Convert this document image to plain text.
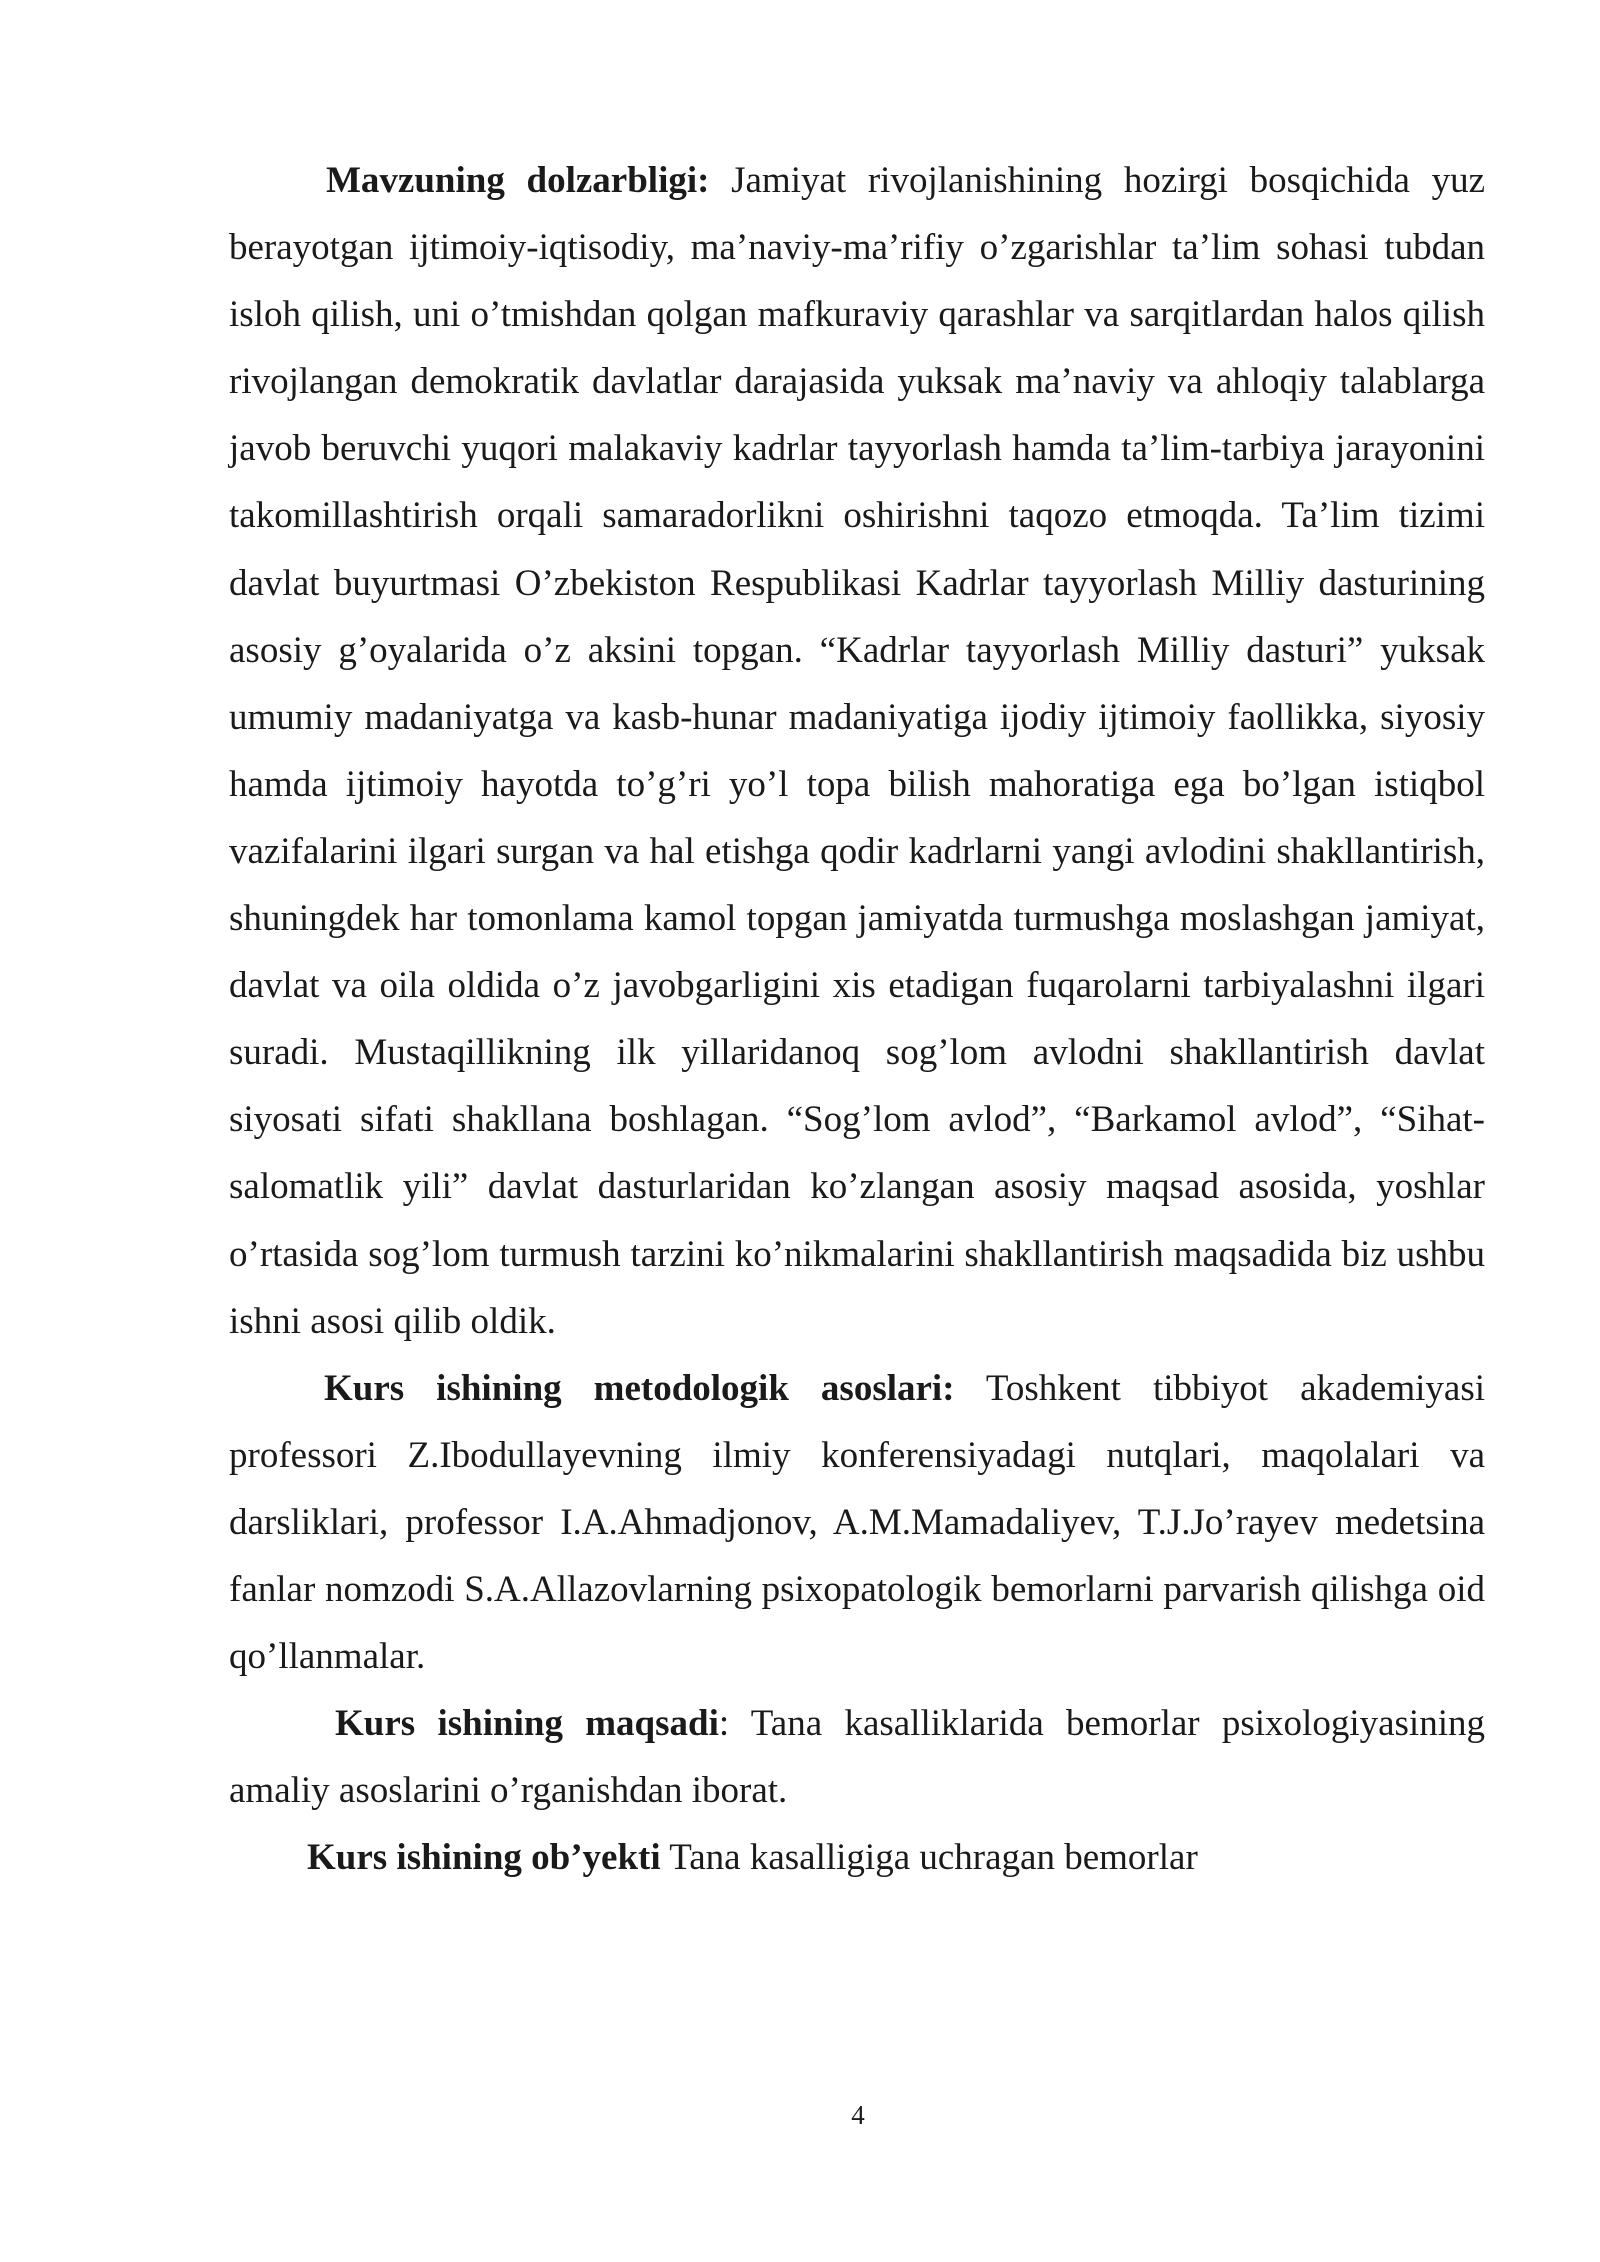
Mavzuning dolzarbligi: Jamiyat rivojlanishining hozirgi bosqichida yuz berayotgan ijtimoiy-iqtisodiy, ma’naviy-ma’rifiy o’zgarishlar ta’lim sohasi tubdan isloh qilish, uni o’tmishdan qolgan mafkuraviy qarashlar va sarqitlardan halos qilish rivojlangan demokratik davlatlar darajasida yuksak ma’naviy va ahloqiy talablarga javob beruvchi yuqori malakaviy kadrlar tayyorlash hamda ta’lim-tarbiya jarayonini takomillashtirish orqali samaradorlikni oshirishni taqozo etmoqda. Ta’lim tizimi davlat buyurtmasi O’zbekiston Respublikasi Kadrlar tayyorlash Milliy dasturining asosiy g’oyalarida o’z aksini topgan. “Kadrlar tayyorlash Milliy dasturi” yuksak umumiy madaniyatga va kasb-hunar madaniyatiga ijodiy ijtimoiy faollikka, siyosiy hamda ijtimoiy hayotda to’g’ri yo’l topa bilish mahoratiga ega bo’lgan istiqbol vazifalarini ilgari surgan va hal etishga qodir kadrlarni yangi avlodini shakllantirish, shuningdek har tomonlama kamol topgan jamiyatda turmushga moslashgan jamiyat, davlat va oila oldida o’z javobgarligini xis etadigan fuqarolarni tarbiyalashni ilgari suradi. Mustaqillikning ilk yillaridanoq sog’lom avlodni shakllantirish davlat siyosati sifati shakllana boshlagan. “Sog’lom avlod”, “Barkamol avlod”, “Sihat-salomatlik yili” davlat dasturlaridan ko’zlangan asosiy maqsad asosida, yoshlar o’rtasida sog’lom turmush tarzini ko’nikmalarini shakllantirish maqsadida biz ushbu ishni asosi qilib oldik.

Kurs ishining metodologik asoslari: Toshkent tibbiyot akademiyasi professori Z.Ibodullayevning ilmiy konferensiyadagi nutqlari, maqolalari va darsliklari, professor I.A.Ahmadjonov, A.M.Mamadaliyev, T.J.Jo’rayev medetsina fanlar nomzodi S.A.Allazovlarning psixopatologik bemorlarni parvarish qilishga oid qo’llanmalar.

Kurs ishining maqsadi: Tana kasalliklarida bemorlar psixologiyasining amaliy asoslarini o’rganishdan iborat.

Kurs ishining ob’yekti Tana kasalligiga uchragan bemorlar

4
